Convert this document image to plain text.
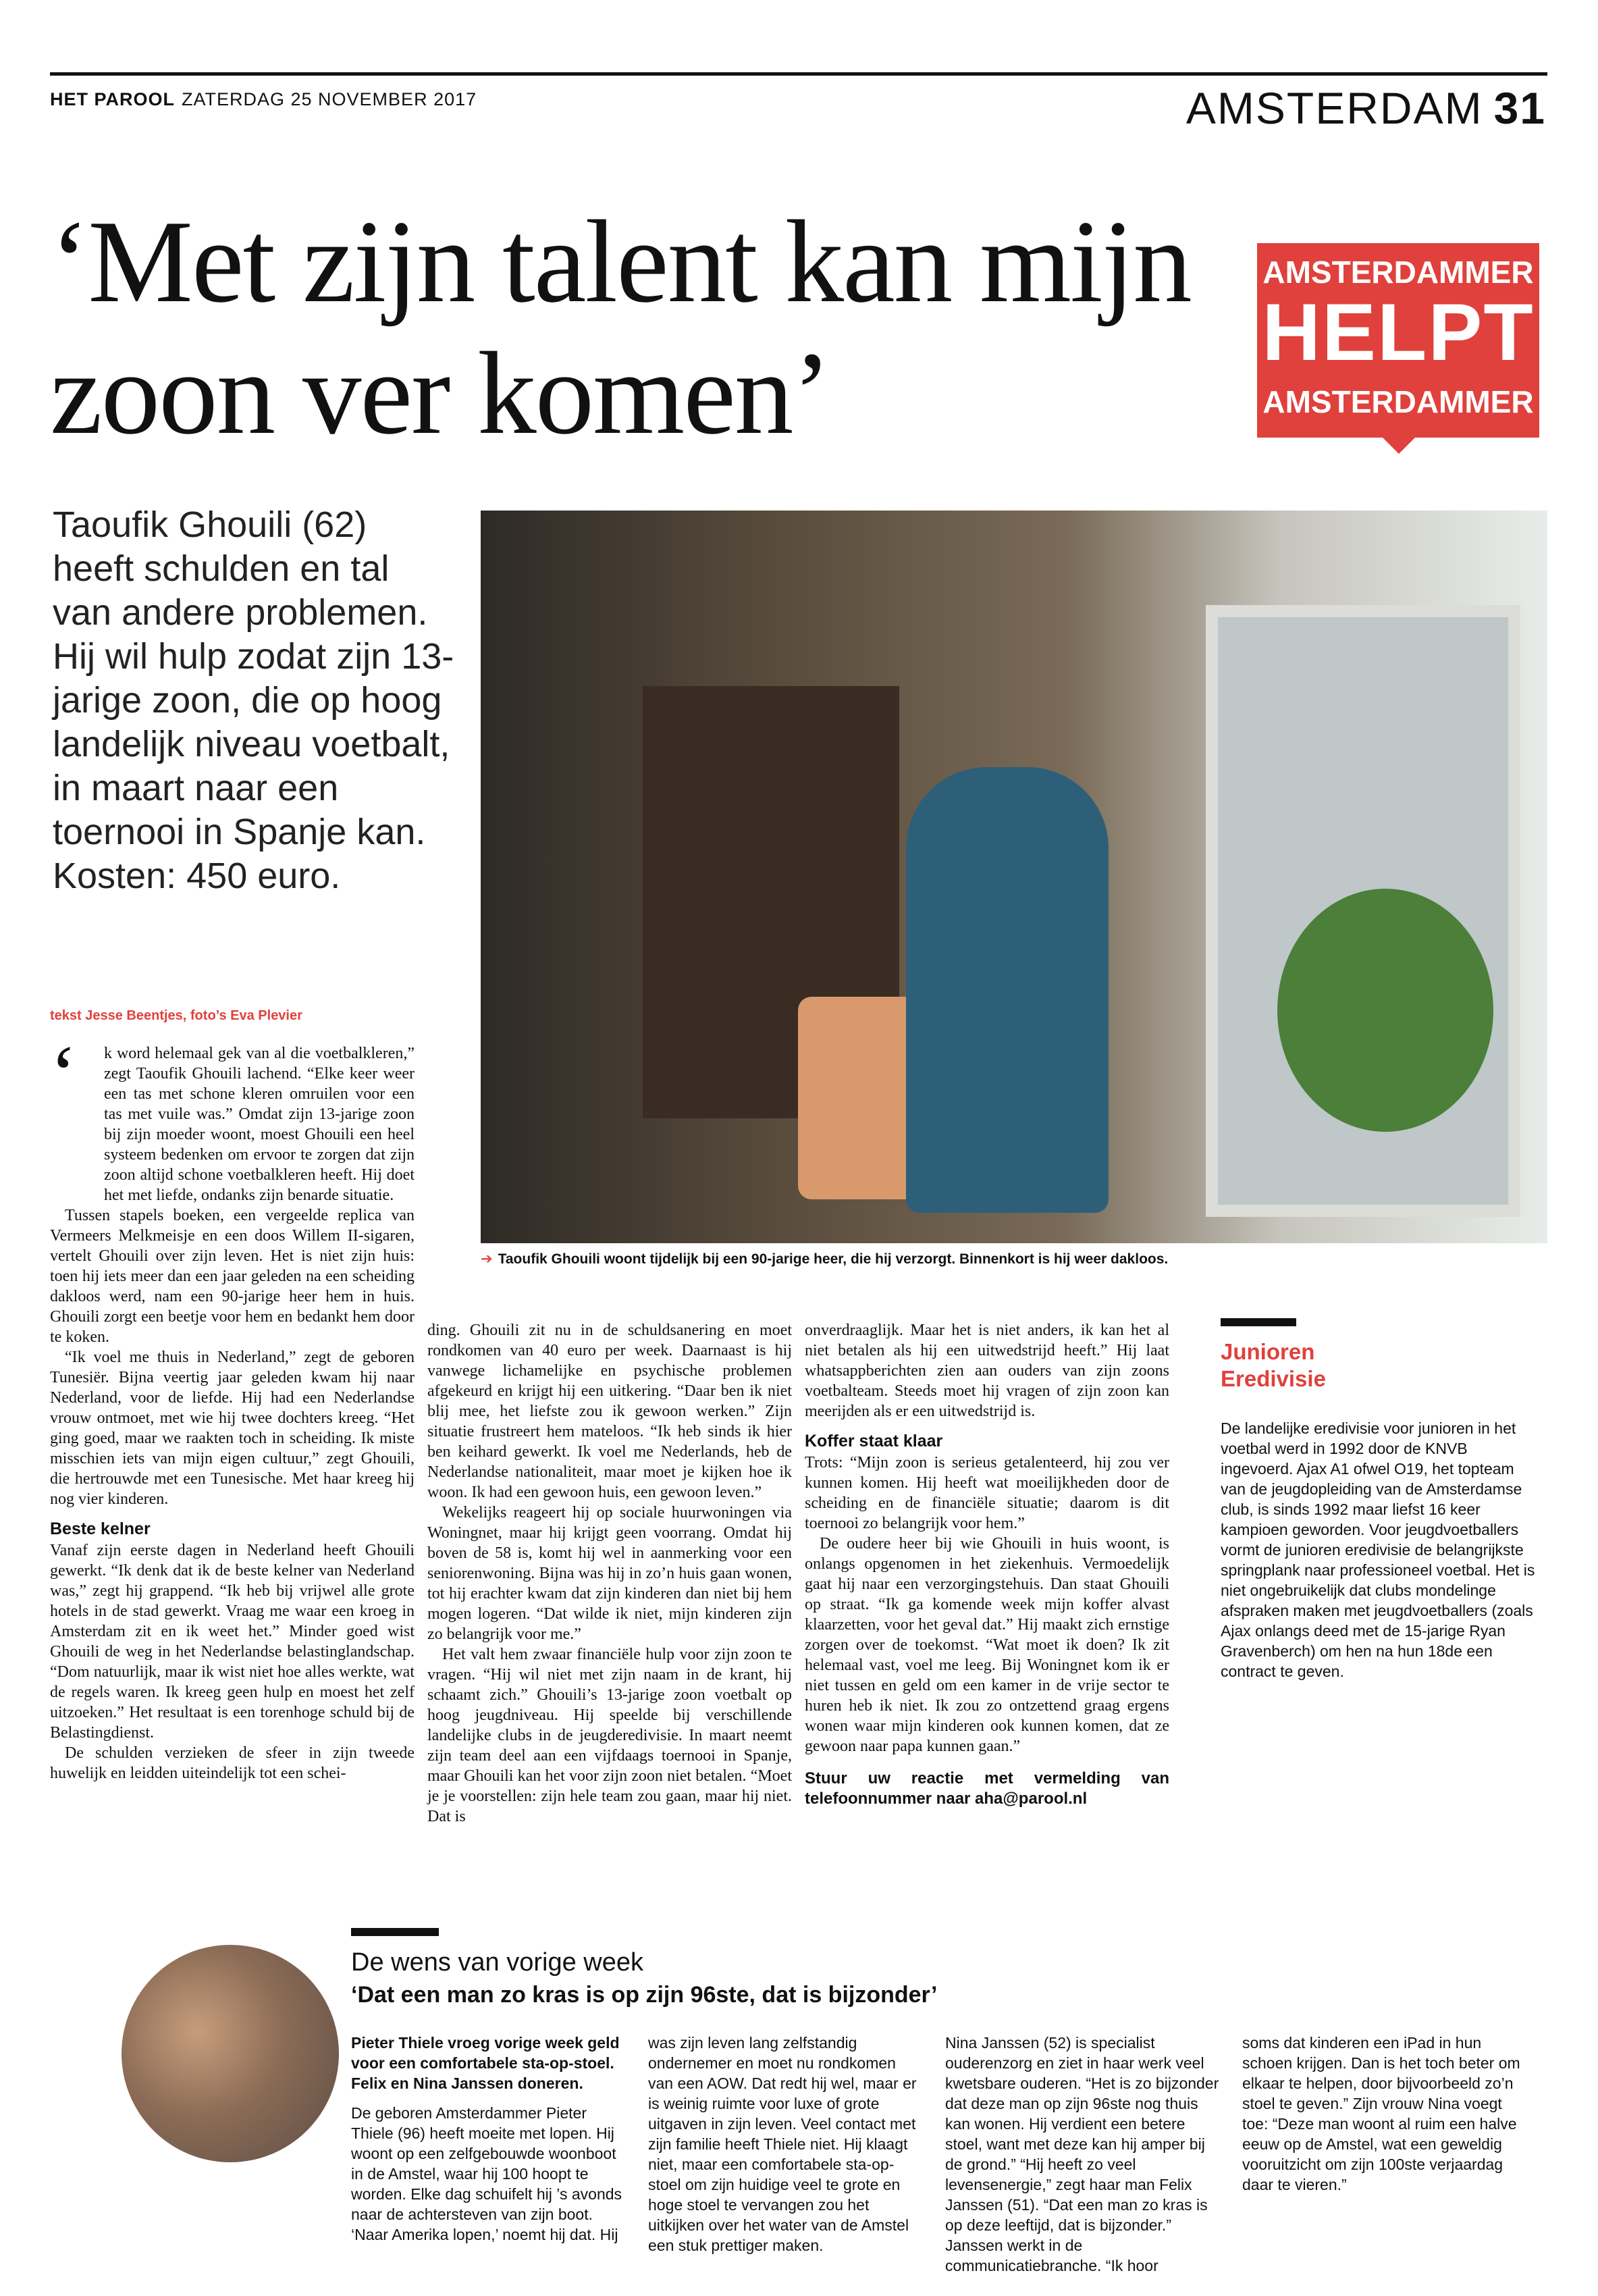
HET PAROOL ZATERDAG 25 NOVEMBER 2017	AMSTERDAM 31
‘Met zijn talent kan mijn zoon ver komen’
AMSTERDAMMER
HELPT
AMSTERDAMMER
Taoufik Ghouili (62) heeft schulden en tal van andere problemen. Hij wil hulp zodat zijn 13-jarige zoon, die op hoog landelijk niveau voetbalt, in maart naar een toernooi in Spanje kan. Kosten: 450 euro.
➔ Taoufik Ghouili woont tijdelijk bij een 90-jarige heer, die hij verzorgt. Binnenkort is hij weer dakloos.
tekst Jesse Beentjes, foto’s Eva Plevier
‘ k word helemaal gek van al die voetbalkleren,” zegt Taoufik Ghouili lachend. “Elke keer weer een tas met schone kleren omruilen voor een tas met vuile was.” Omdat zijn 13-jarige zoon bij zijn moeder woont, moest Ghouili een heel systeem bedenken om ervoor te zorgen dat zijn zoon altijd schone voetbalkleren heeft. Hij doet het met liefde, ondanks zijn benarde situatie.

Tussen stapels boeken, een vergeelde replica van Vermeers Melkmeisje en een doos Willem II-sigaren, vertelt Ghouili over zijn leven. Het is niet zijn huis: toen hij iets meer dan een jaar geleden na een scheiding dakloos werd, nam een 90-jarige heer hem in huis. Ghouili zorgt een beetje voor hem en bedankt hem door te koken.

“Ik voel me thuis in Nederland,” zegt de geboren Tunesiër. Bijna veertig jaar geleden kwam hij naar Nederland, voor de liefde. Hij had een Nederlandse vrouw ontmoet, met wie hij twee dochters kreeg. “Het ging goed, maar we raakten toch in scheiding. Ik miste misschien iets van mijn eigen cultuur,” zegt Ghouili, die hertrouwde met een Tunesische. Met haar kreeg hij nog vier kinderen.

Beste kelner

Vanaf zijn eerste dagen in Nederland heeft Ghouili gewerkt. “Ik denk dat ik de beste kelner van Nederland was,” zegt hij grappend. “Ik heb bij vrijwel alle grote hotels in de stad gewerkt. Vraag me waar een kroeg in Amsterdam zit en ik weet het.” Minder goed wist Ghouili de weg in het Nederlandse belastinglandschap. “Dom natuurlijk, maar ik wist niet hoe alles werkte, wat de regels waren. Ik kreeg geen hulp en moest het zelf uitzoeken.” Het resultaat is een torenhoge schuld bij de Belastingdienst.

De schulden verzieken de sfeer in zijn tweede huwelijk en leidden uiteindelijk tot een schei-

ding. Ghouili zit nu in de schuldsanering en moet rondkomen van 40 euro per week. Daarnaast is hij vanwege lichamelijke en psychische problemen afgekeurd en krijgt hij een uitkering. “Daar ben ik niet blij mee, het liefste zou ik gewoon werken.” Zijn situatie frustreert hem mateloos. “Ik heb sinds ik hier ben keihard gewerkt. Ik voel me Nederlands, heb de Nederlandse nationaliteit, maar moet je kijken hoe ik woon. Ik had een gewoon huis, een gewoon leven.”

Wekelijks reageert hij op sociale huurwoningen via Woningnet, maar hij krijgt geen voorrang. Omdat hij boven de 58 is, komt hij wel in aanmerking voor een seniorenwoning. Bijna was hij in zo’n huis gaan wonen, tot hij erachter kwam dat zijn kinderen dan niet bij hem mogen logeren. “Dat wilde ik niet, mijn kinderen zijn zo belangrijk voor me.”

Het valt hem zwaar financiële hulp voor zijn zoon te vragen. “Hij wil niet met zijn naam in de krant, hij schaamt zich.” Ghouili’s 13-jarige zoon voetbalt op hoog jeugdniveau. Hij speelde bij verschillende landelijke clubs in de jeugderedivisie. In maart neemt zijn team deel aan een vijfdaags toernooi in Spanje, maar Ghouili kan het voor zijn zoon niet betalen. “Moet je je voorstellen: zijn hele team zou gaan, maar hij niet. Dat is

onverdraaglijk. Maar het is niet anders, ik kan het al niet betalen als hij een uitwedstrijd heeft.” Hij laat whatsappberichten zien aan ouders van zijn zoons voetbalteam. Steeds moet hij vragen of zijn zoon kan meerijden als er een uitwedstrijd is.

Koffer staat klaar

Trots: “Mijn zoon is serieus getalenteerd, hij zou ver kunnen komen. Hij heeft wat moeilijkheden door de scheiding en de financiële situatie; daarom is dit toernooi zo belangrijk voor hem.”

De oudere heer bij wie Ghouili in huis woont, is onlangs opgenomen in het ziekenhuis. Vermoedelijk gaat hij naar een verzorgingstehuis. Dan staat Ghouili op straat. “Ik ga komende week mijn koffer alvast klaarzetten, voor het geval dat.” Hij maakt zich ernstige zorgen over de toekomst. “Wat moet ik doen? Ik zit helemaal vast, voel me leeg. Bij Woningnet kom ik er niet tussen en geld om een kamer in de vrije sector te huren heb ik niet. Ik zou zo ontzettend graag ergens wonen waar mijn kinderen ook kunnen komen, dat ze gewoon naar papa kunnen gaan.”

Stuur uw reactie met vermelding van telefoonnummer naar aha@parool.nl

Junioren Eredivisie
De landelijke eredivisie voor junioren in het voetbal werd in 1992 door de KNVB ingevoerd. Ajax A1 ofwel O19, het topteam van de jeugdopleiding van de Amsterdamse club, is sinds 1992 maar liefst 16 keer kampioen geworden. Voor jeugdvoetballers vormt de junioren eredivisie de belangrijkste springplank naar professioneel voetbal. Het is niet ongebruikelijk dat clubs mondelinge afspraken maken met jeugdvoetballers (zoals Ajax onlangs deed met de 15-jarige Ryan Gravenberch) om hen na hun 18de een contract te geven.
De wens van vorige week
‘Dat een man zo kras is op zijn 96ste, dat is bijzonder’

Pieter Thiele vroeg vorige week geld voor een comfortabele sta-op-stoel. Felix en Nina Janssen doneren.

De geboren Amsterdammer Pieter Thiele (96) heeft moeite met lopen. Hij woont op een zelfgebouwde woonboot in de Amstel, waar hij 100 hoopt te worden. Elke dag schuifelt hij ’s avonds naar de achtersteven van zijn boot. ‘Naar Amerika lopen,’ noemt hij dat. Hij

was zijn leven lang zelfstandig ondernemer en moet nu rondkomen van een AOW. Dat redt hij wel, maar er is weinig ruimte voor luxe of grote uitgaven in zijn leven. Veel contact met zijn familie heeft Thiele niet. Hij klaagt niet, maar een comfortabele sta-op-stoel om zijn huidige veel te grote en hoge stoel te vervangen zou het uitkijken over het water van de Amstel een stuk prettiger maken.

Nina Janssen (52) is specialist ouderenzorg en ziet in haar werk veel kwetsbare ouderen. “Het is zo bijzonder dat deze man op zijn 96ste nog thuis kan wonen. Hij verdient een betere stoel, want met deze kan hij amper bij de grond.” “Hij heeft zo veel levensenergie,” zegt haar man Felix Janssen (51). “Dat een man zo kras is op deze leeftijd, dat is bijzonder.” Janssen werkt in de communicatiebranche. “Ik hoor

soms dat kinderen een iPad in hun schoen krijgen. Dan is het toch beter om elkaar te helpen, door bijvoorbeeld zo’n stoel te geven.” Zijn vrouw Nina voegt toe: “Deze man woont al ruim een halve eeuw op de Amstel, wat een geweldig vooruitzicht om zijn 100ste verjaardag daar te vieren.”
